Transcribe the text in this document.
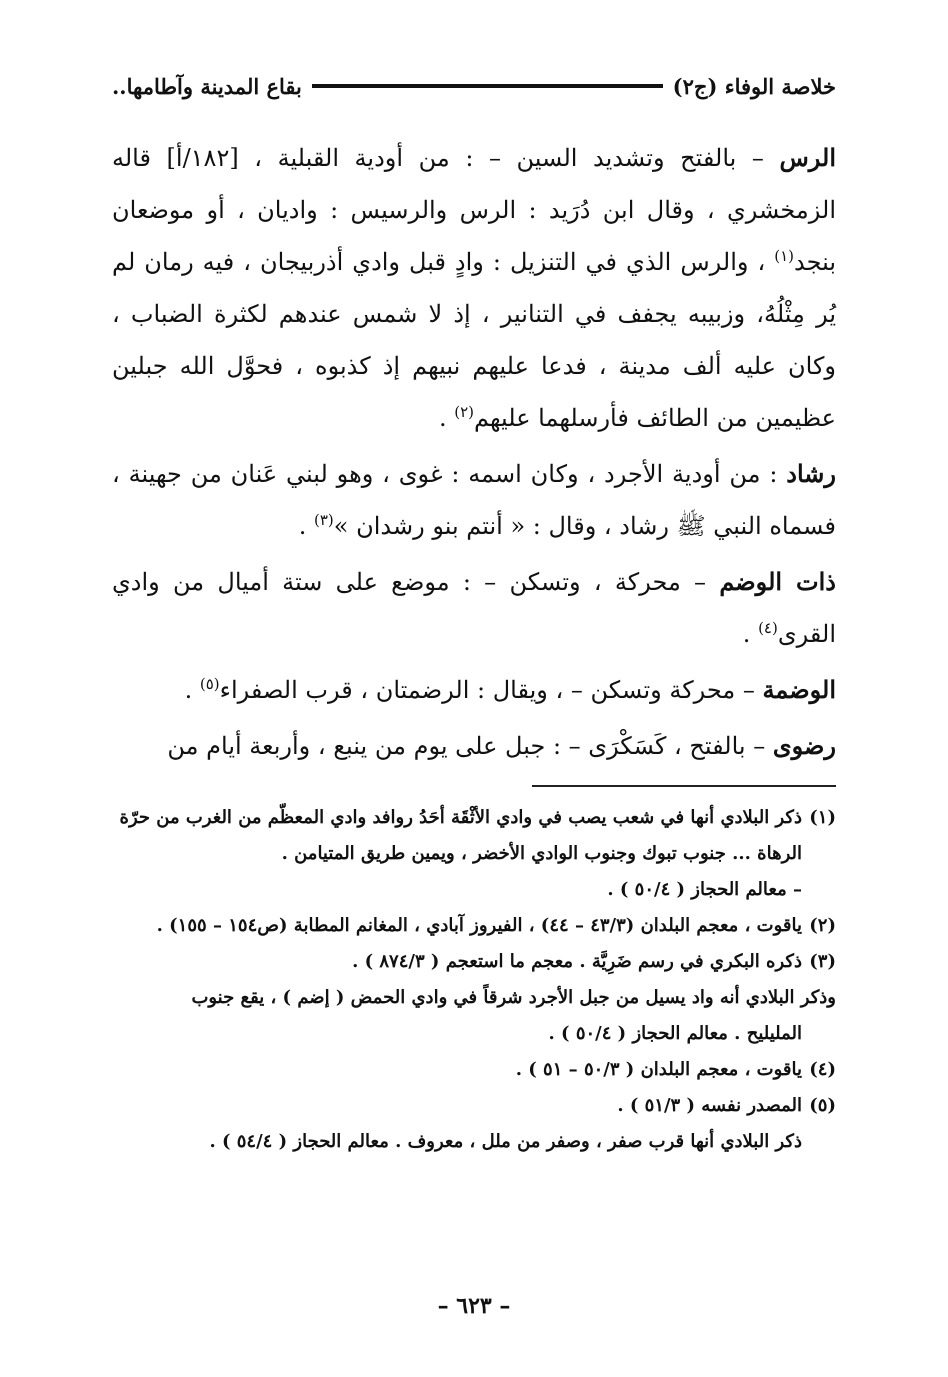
خلاصة الوفاء (ج٢)
بقاع المدينة وآطامها..

الرس – بالفتح وتشديد السين – : من أودية القبلية ، [١٨٢/أ] قاله الزمخشري ، وقال ابن دُرَيد : الرس والرسيس : واديان ، أو موضعان بنجد$^{(١)}$ ، والرس الذي في التنزيل : وادٍ قبل وادي أذربيجان ، فيه رمان لم يُر مِثْلُهُ، وزبيبه يجفف في التنانير ، إذ لا شمس عندهم لكثرة الضباب ، وكان عليه ألف مدينة ، فدعا عليهم نبيهم إذ كذبوه ، فحوَّل الله جبلين عظيمين من الطائف فأرسلهما عليهم$^{(٢)}$ .

رشاد : من أودية الأجرد ، وكان اسمه : غوى ، وهو لبني عَنان من جهينة ، فسماه النبي ﷺ رشاد ، وقال : « أنتم بنو رشدان »$^{(٣)}$ .

ذات الوضم – محركة ، وتسكن – : موضع على ستة أميال من وادي القرى$^{(٤)}$ .

الوضمة – محركة وتسكن – ، ويقال : الرضمتان ، قرب الصفراء$^{(٥)}$ .

رضوى – بالفتح ، كَسَكْرَى – : جبل على يوم من ينبع ، وأربعة أيام من

(١)ذكر البلادي أنها في شعب يصب في وادي الأثْقَة أحَدُ روافد وادي المعظّم من الغرب من حرّة

الرهاة ... جنوب تبوك وجنوب الوادي الأخضر ، ويمين طريق المتيامن .

– معالم الحجاز ( ٥٠/٤ ) .

(٢)ياقوت ، معجم البلدان (٤٣/٣ – ٤٤) ، الفيروز آبادي ، المغانم المطابة (ص١٥٤ – ١٥٥) .

(٣)ذكره البكري في رسم ضَرِيَّة . معجم ما استعجم ( ٨٧٤/٣ ) .

وذكر البلادي أنه واد يسيل من جبل الأجرد شرقاً في وادي الحمض ( إضم ) ، يقع جنوب

المليليح . معالم الحجاز ( ٥٠/٤ ) .

(٤)ياقوت ، معجم البلدان ( ٥٠/٣ – ٥١ ) .

(٥)المصدر نفسه ( ٥١/٣ ) .

ذكر البلادي أنها قرب صفر ، وصفر من ملل ، معروف . معالم الحجاز ( ٥٤/٤ ) .

– ٦٢٣ –
